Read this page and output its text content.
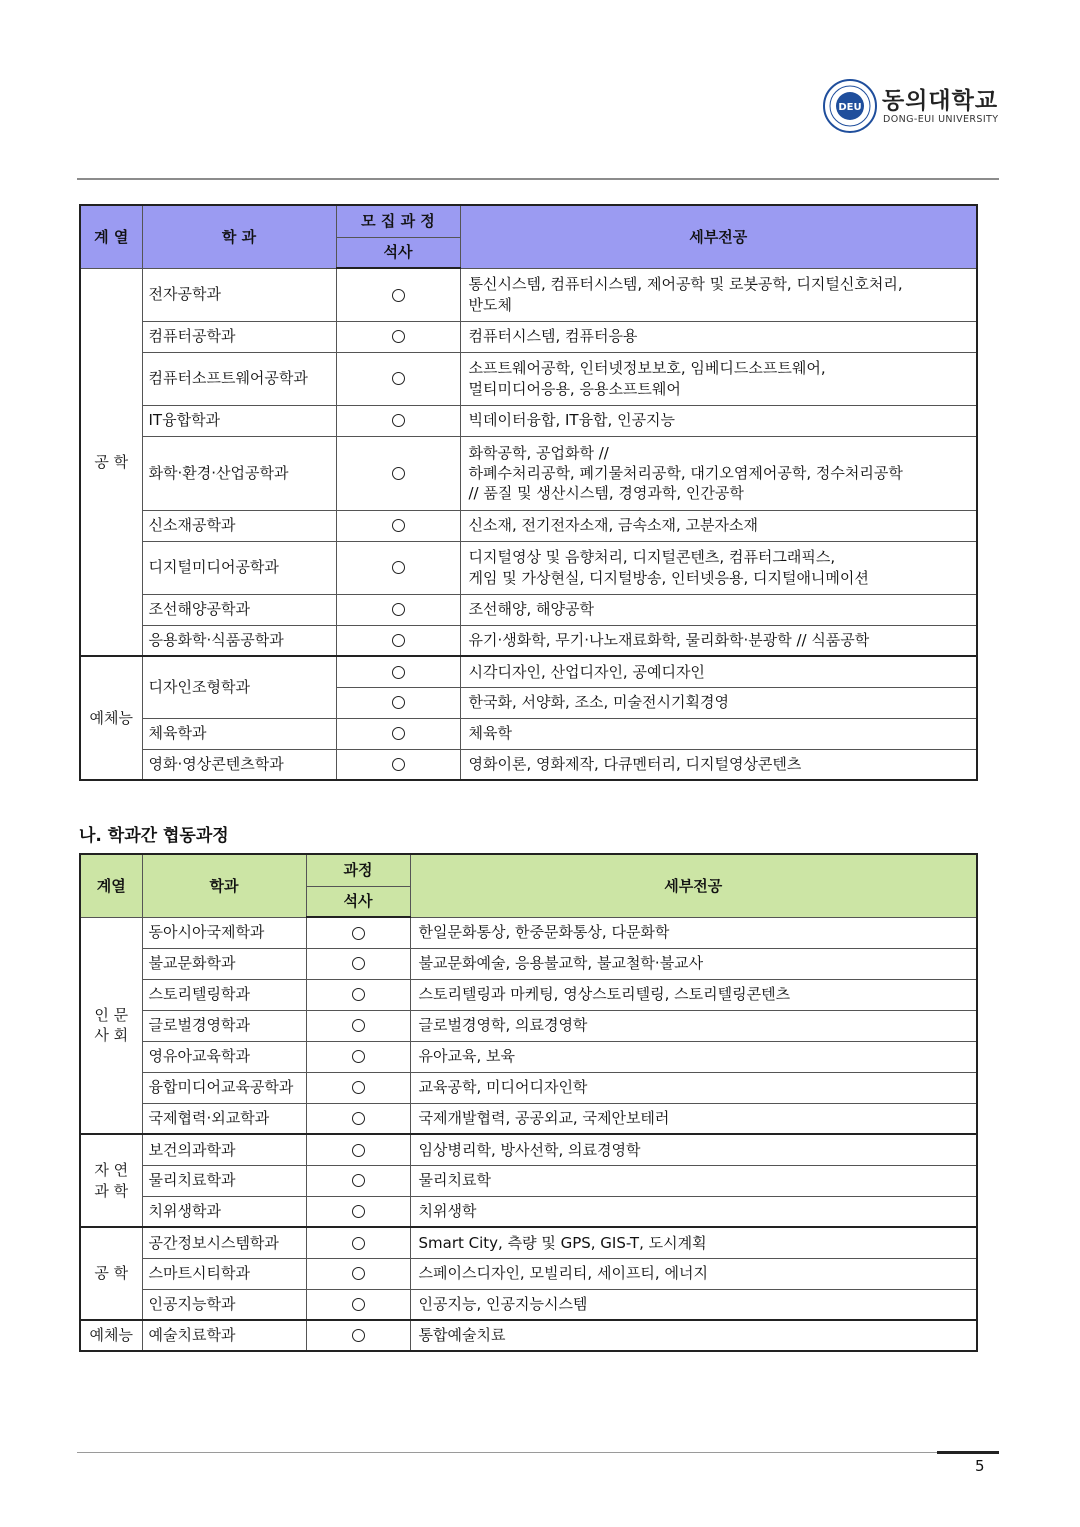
DEU 동의대학교
DONG-EUI UNIVERSITY
계 열	학 과	모 집 과 정	세부전공
		석사	
공 학	전자공학과		통신시스템, 컴퓨터시스템, 제어공학 및 로봇공학, 디지털신호처리,
반도체

	컴퓨터공학과		컴퓨터시스템, 컴퓨터응용

	컴퓨터소프트웨어공학과		소프트웨어공학, 인터넷정보보호, 임베디드소프트웨어,
멀티미디어응용, 응용소프트웨어

	IT융합학과		빅데이터융합, IT융합, 인공지능

	화학·환경·산업공학과		화학공학, 공업화학 //
하폐수처리공학, 폐기물처리공학, 대기오염제어공학, 정수처리공학
// 품질 및 생산시스템, 경영과학, 인간공학

	신소재공학과		신소재, 전기전자소재, 금속소재, 고분자소재

	디지털미디어공학과		디지털영상 및 음향처리, 디지털콘텐츠, 컴퓨터그래픽스,
게임 및 가상현실, 디지털방송, 인터넷응용, 디지털애니메이션

	조선해양공학과		조선해양, 해양공학

	응용화학·식품공학과		유기·생화학, 무기·나노재료화학, 물리화학·분광학 // 식품공학

예체능	디자인조형학과		시각디자인, 산업디자인, 공예디자인

			한국화, 서양화, 조소, 미술전시기획경영

	체육학과		체육학

	영화·영상콘텐츠학과		영화이론, 영화제작, 다큐멘터리, 디지털영상콘텐츠
나. 학과간 협동과정
계열	학과	과정	세부전공
		석사	
인 문 사 회	동아시아국제학과		한일문화통상, 한중문화통상, 다문화학
	불교문화학과		불교문화예술, 응용불교학, 불교철학·불교사
	스토리텔링학과		스토리텔링과 마케팅, 영상스토리텔링, 스토리텔링콘텐츠
	글로벌경영학과		글로벌경영학, 의료경영학
	영유아교육학과		유아교육, 보육
	융합미디어교육공학과		교육공학, 미디어디자인학
	국제협력·외교학과		국제개발협력, 공공외교, 국제안보테러
자 연 과 학	보건의과학과		임상병리학, 방사선학, 의료경영학
	물리치료학과		물리치료학
	치위생학과		치위생학
공 학	공간정보시스템학과		Smart City, 측량 및 GPS, GIS-T, 도시계획
	스마트시티학과		스페이스디자인, 모빌리티, 세이프티, 에너지
	인공지능학과		인공지능, 인공지능시스템
예체능	예술치료학과		통합예술치료
5
